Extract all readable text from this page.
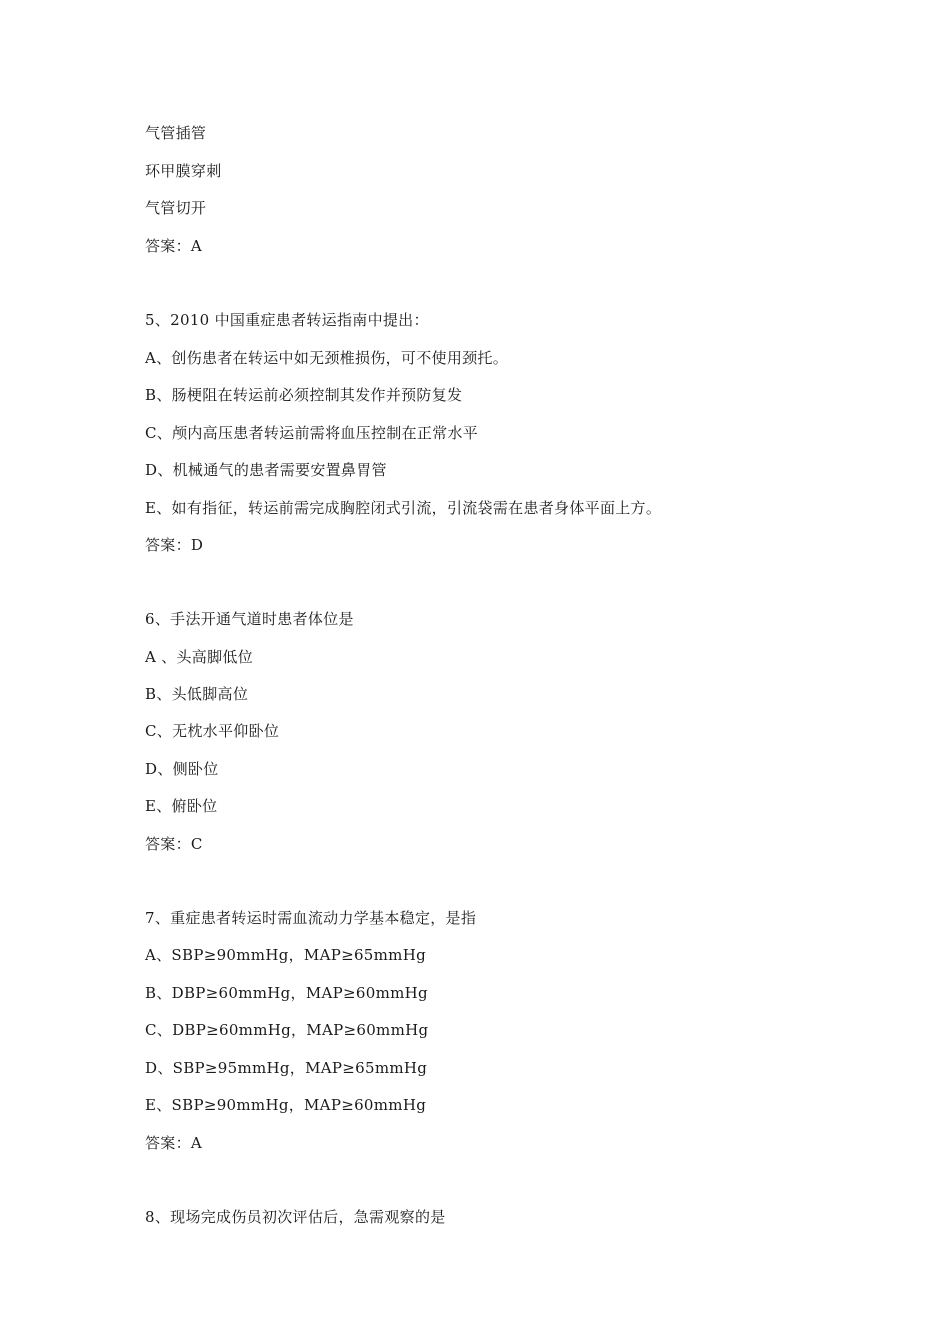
气管插管
环甲膜穿刺
气管切开
答案：A
5、2010 中国重症患者转运指南中提出：
A、创伤患者在转运中如无颈椎损伤，可不使用颈托。
B、肠梗阻在转运前必须控制其发作并预防复发
C、颅内高压患者转运前需将血压控制在正常水平
D、机械通气的患者需要安置鼻胃管
E、如有指征，转运前需完成胸腔闭式引流，引流袋需在患者身体平面上方。
答案：D
6、手法开通气道时患者体位是
A 、头高脚低位
B、头低脚高位
C、无枕水平仰卧位
D、侧卧位
E、俯卧位
答案：C
7、重症患者转运时需血流动力学基本稳定，是指
A、SBP≥90mmHg，MAP≥65mmHg
B、DBP≥60mmHg，MAP≥60mmHg
C、DBP≥60mmHg，MAP≥60mmHg
D、SBP≥95mmHg，MAP≥65mmHg
E、SBP≥90mmHg，MAP≥60mmHg
答案：A
8、现场完成伤员初次评估后，急需观察的是
